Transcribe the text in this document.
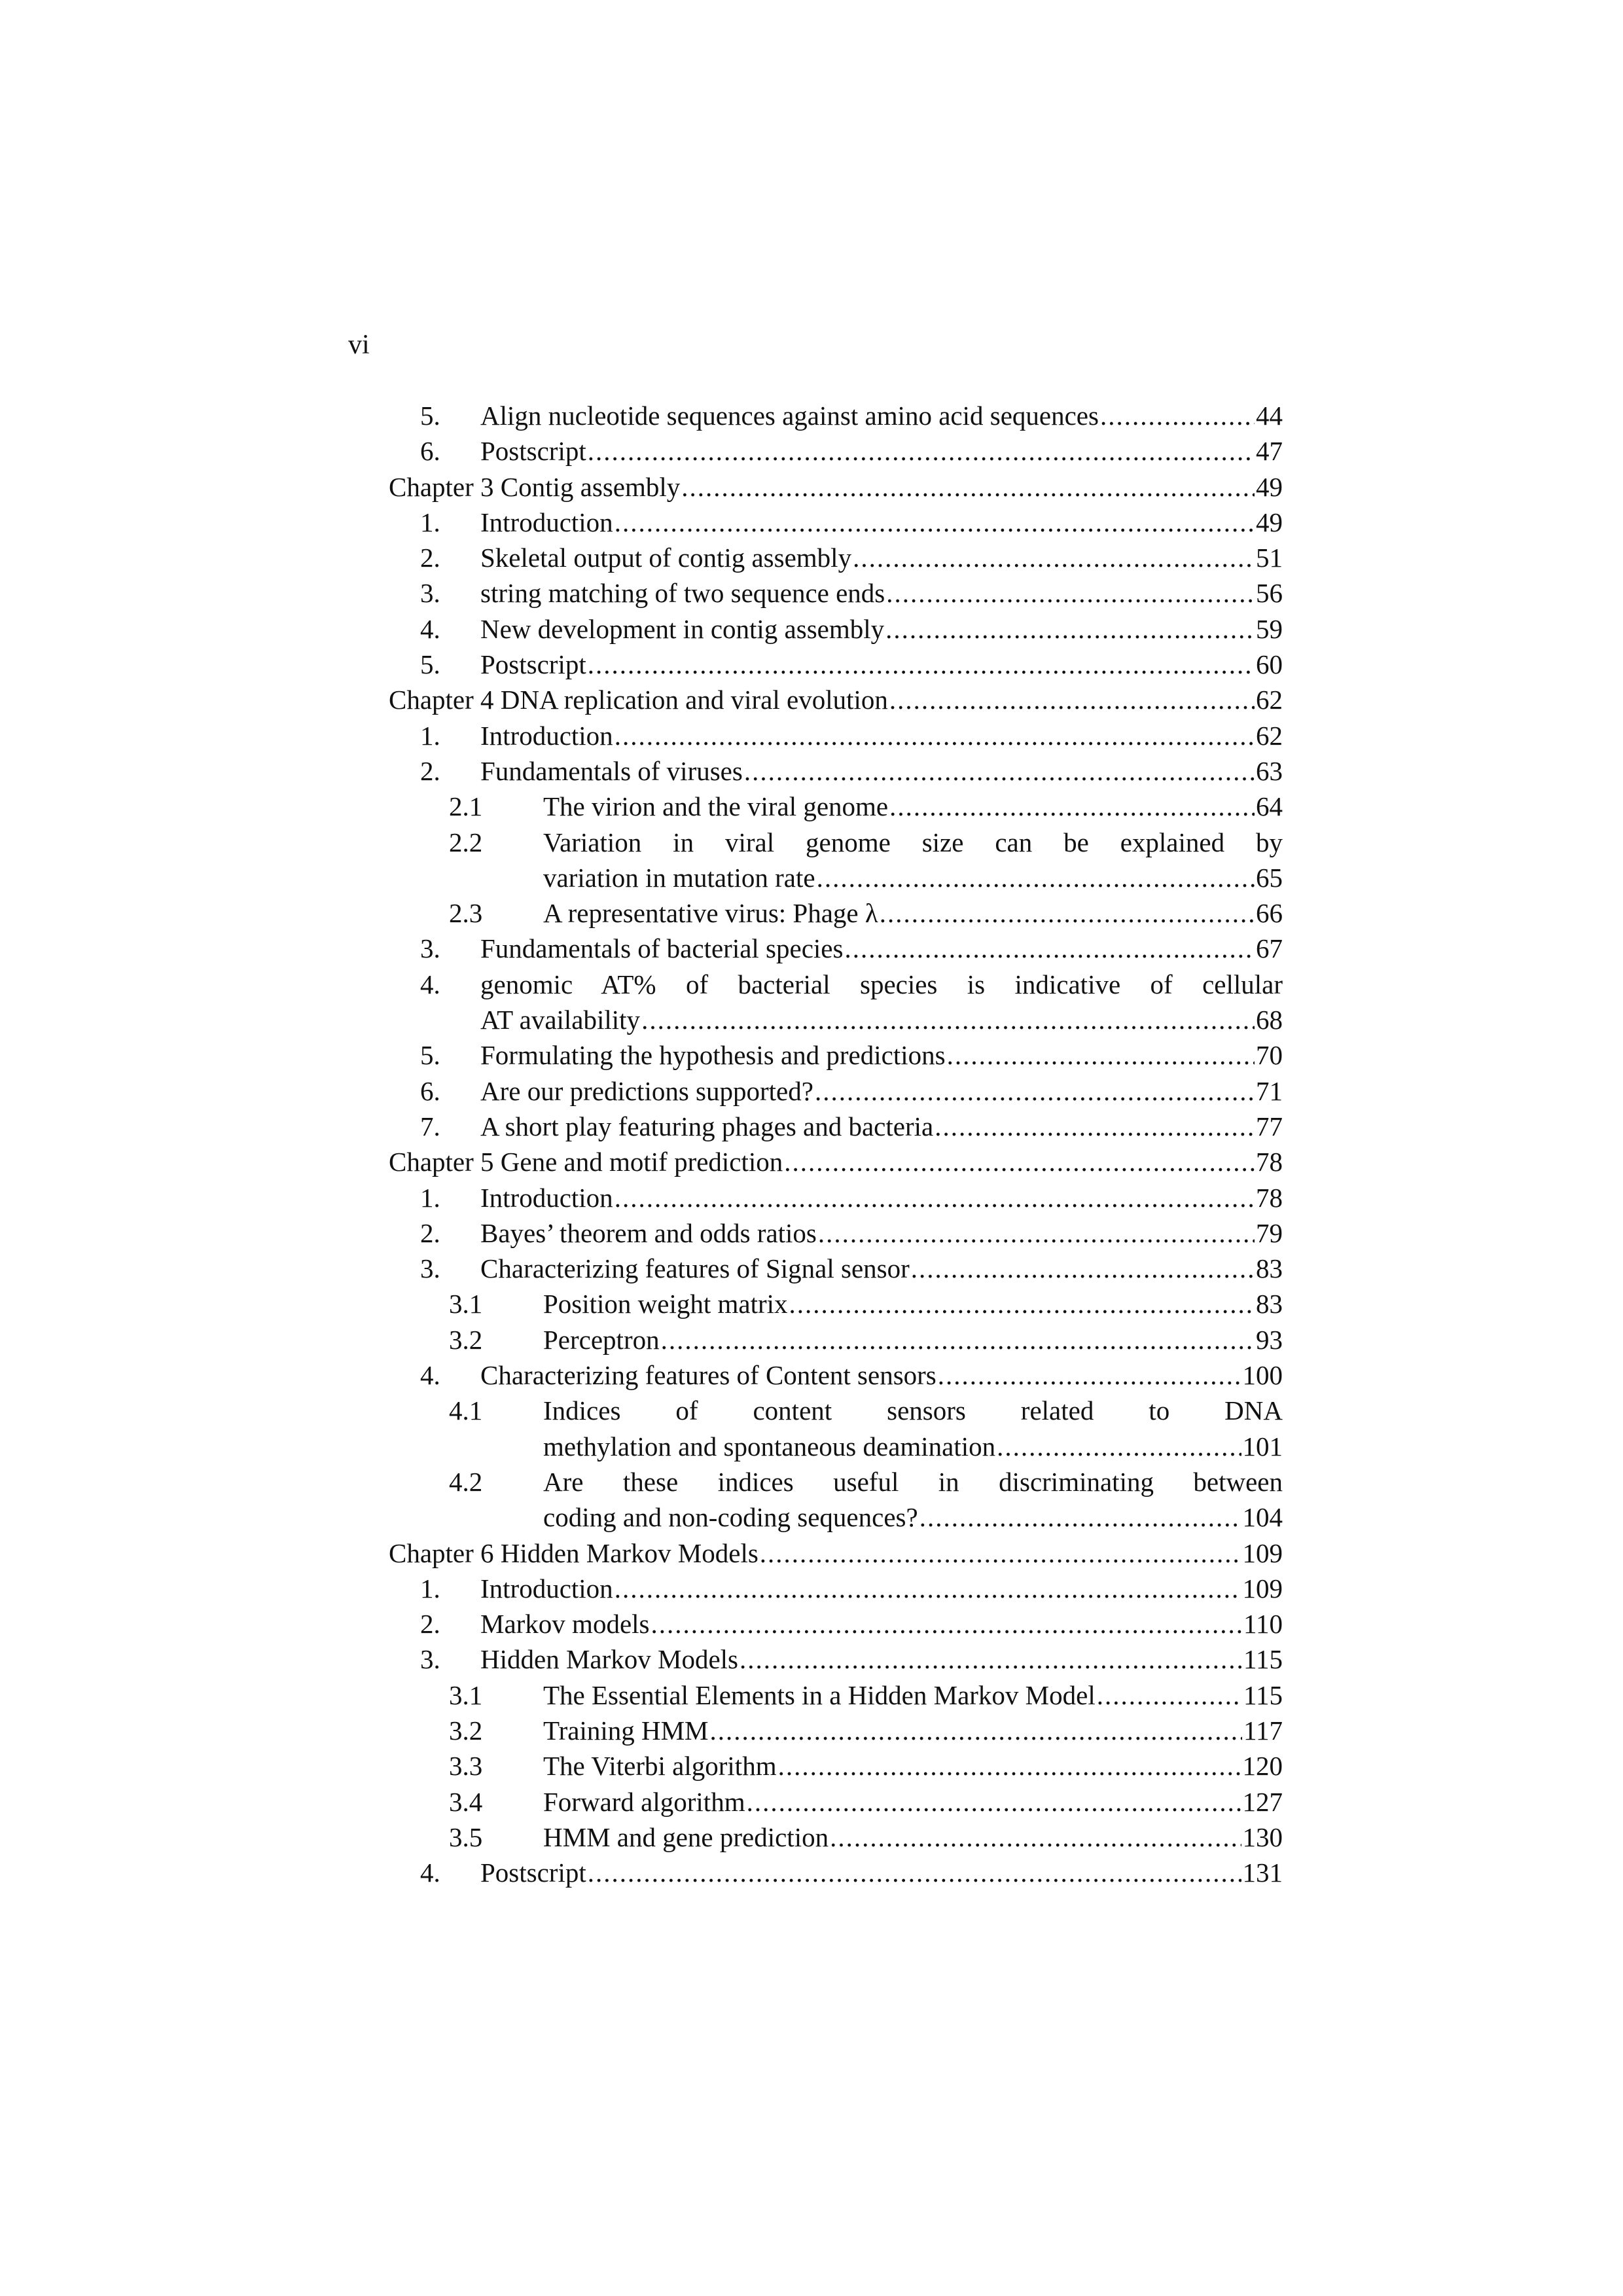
vi
5. Align nucleotide sequences against amino acid sequences .....	44
6. Postscript .....	47
Chapter 3 Contig assembly .....	49
1. Introduction .....	49
2. Skeletal output of contig assembly .....	51
3. string matching of two sequence ends .....	56
4. New development in contig assembly .....	59
5. Postscript .....	60
Chapter 4 DNA replication and viral evolution .....	62
1. Introduction .....	62
2. Fundamentals of viruses .....	63
2.1 The virion and the viral genome .....	64
2.2 Variation in viral genome size can be explained by
variation in mutation rate .....	65
2.3 A representative virus: Phage λ .....	66
3. Fundamentals of bacterial species .....	67
4. genomic AT% of bacterial species is indicative of cellular
AT availability .....	68
5. Formulating the hypothesis and predictions .....	70
6. Are our predictions supported? .....	71
7. A short play featuring phages and bacteria .....	77
Chapter 5 Gene and motif prediction .....	78
1. Introduction .....	78
2. Bayes’ theorem and odds ratios .....	79
3. Characterizing features of Signal sensor .....	83
3.1 Position weight matrix .....	83
3.2 Perceptron .....	93
4. Characterizing features of Content sensors .....	100
4.1 Indices of content sensors related to DNA
methylation and spontaneous deamination .....	101
4.2 Are these indices useful in discriminating between
coding and non-coding sequences? .....	104
Chapter 6 Hidden Markov Models .....	109
1. Introduction .....	109
2. Markov models .....	110
3. Hidden Markov Models .....	115
3.1 The Essential Elements in a Hidden Markov Model .....	115
3.2 Training HMM .....	117
3.3 The Viterbi algorithm .....	120
3.4 Forward algorithm .....	127
3.5 HMM and gene prediction .....	130
4. Postscript .....	131
